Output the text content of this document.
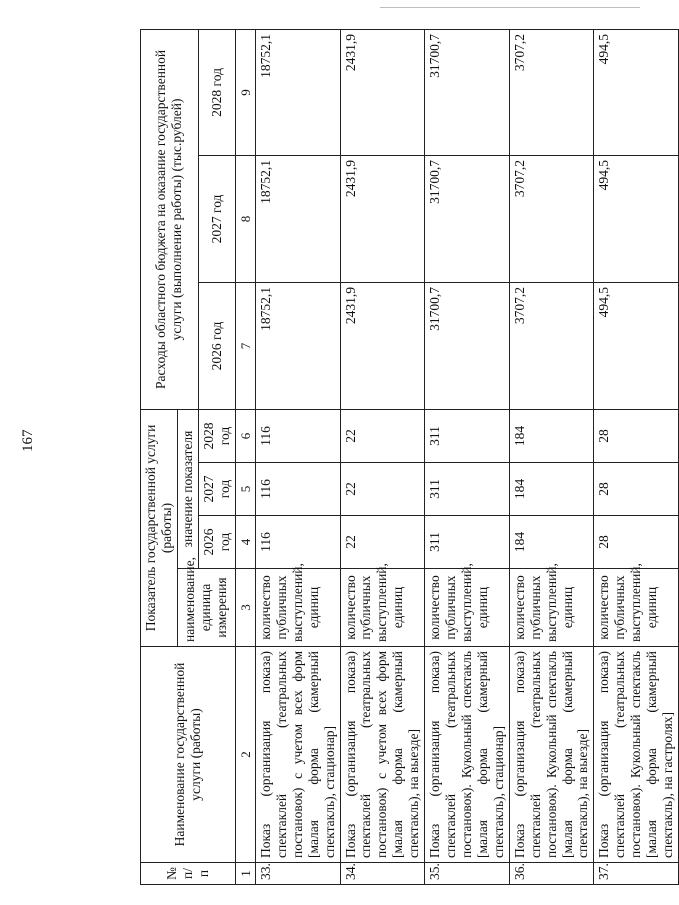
167
№
п/п	Наименование государственной услуги (работы)	Показатель государственной услуги (работы)				Расходы областного бюджета на оказание государственной услуги (выполнение работы) (тыс.рублей)		
		наименование, единица измерения	значение показателя					
			2026 год	2027 год	2028 год	2026 год	2027 год	2028 год
1	2	3	4	5	6	7	8	9
33.	Показ (организация показа) спектаклей (театральных постановок) с учетом всех форм [малая форма (камерный спектакль), стационар]	количество публичных выступлений, единиц	116	116	116	18752,1	18752,1	18752,1
34.	Показ (организация показа) спектаклей (театральных постановок) с учетом всех форм [малая форма (камерный спектакль), на выезде]	количество публичных выступлений, единиц	22	22	22	2431,9	2431,9	2431,9
35.	Показ (организация показа) спектаклей (театральных постановок). Кукольный спектакль [малая форма (камерный спектакль), стационар]	количество публичных выступлений, единиц	311	311	311	31700,7	31700,7	31700,7
36.	Показ (организация показа) спектаклей (театральных постановок). Кукольный спектакль [малая форма (камерный спектакль), на выезде]	количество публичных выступлений, единиц	184	184	184	3707,2	3707,2	3707,2
37.	Показ (организация показа) спектаклей (театральных постановок). Кукольный спектакль [малая форма (камерный спектакль), на гастролях]	количество публичных выступлений, единиц	28	28	28	494,5	494,5	494,5
